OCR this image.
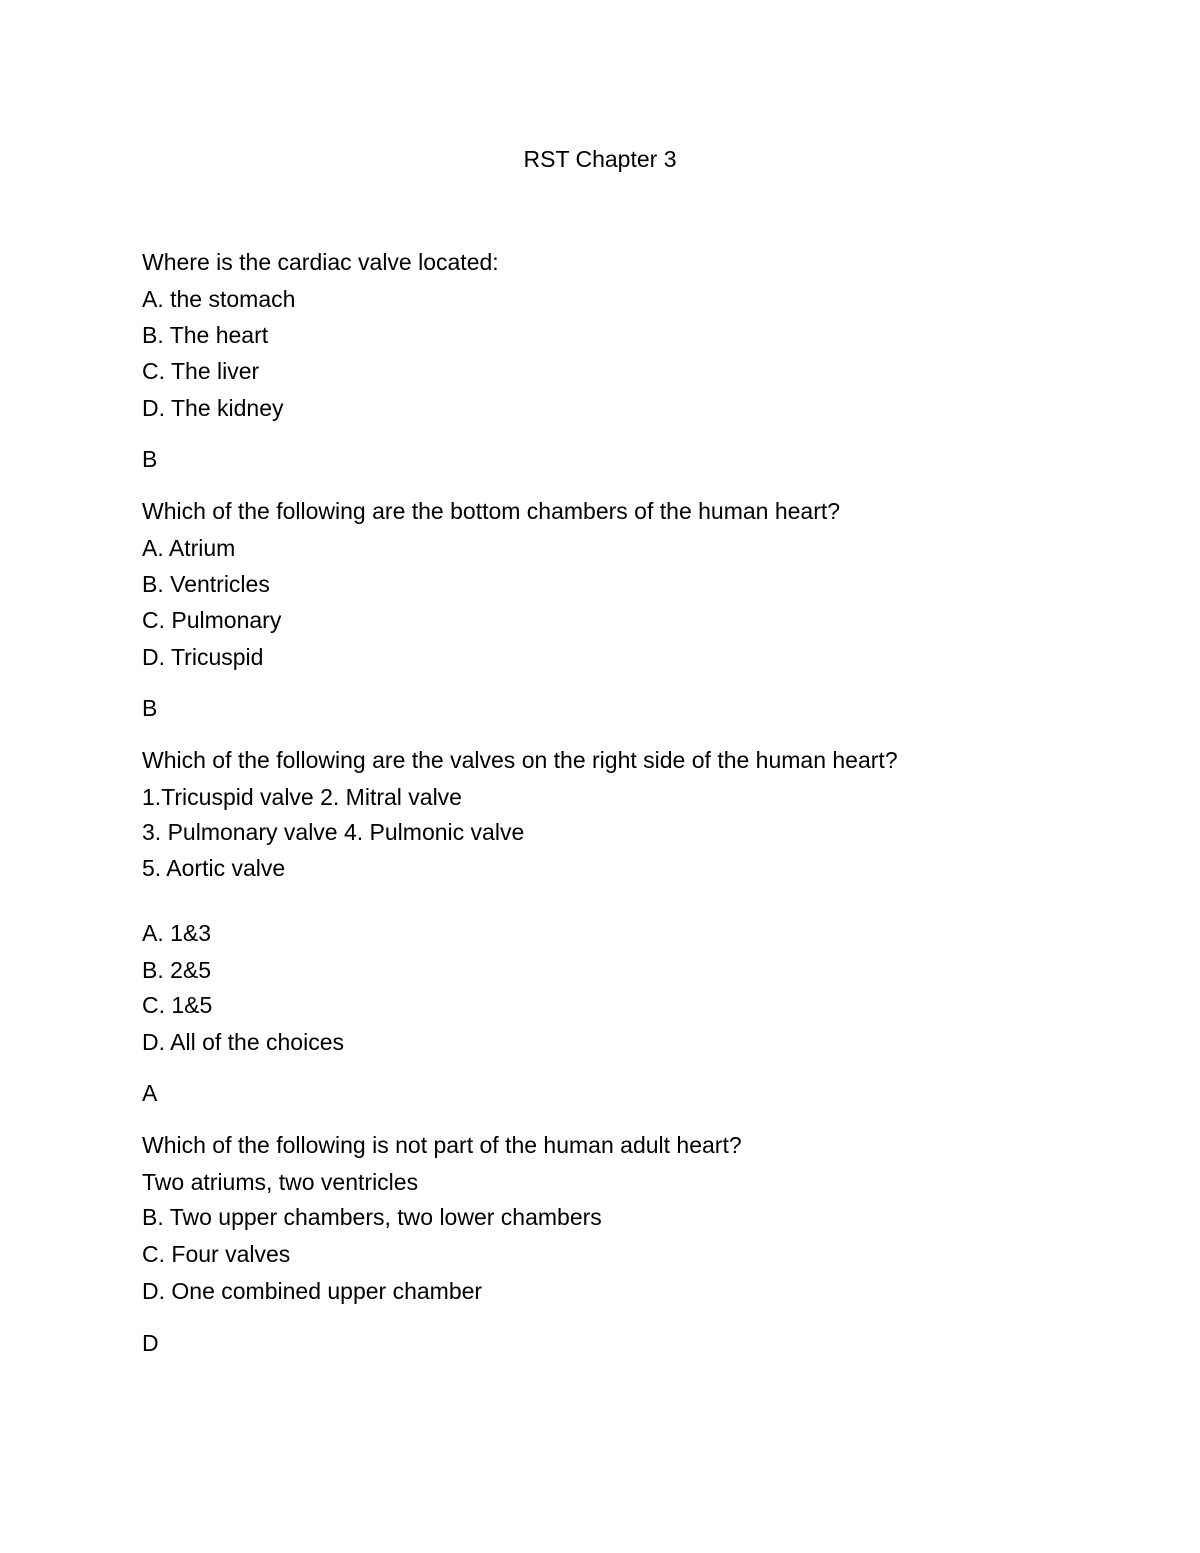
RST Chapter 3
Where is the cardiac valve located:
A. the stomach
B. The heart
C. The liver
D. The kidney
B
Which of the following are the bottom chambers of the human heart?
A. Atrium
B. Ventricles
C. Pulmonary
D. Tricuspid
B
Which of the following are the valves on the right side of the human heart?
1.Tricuspid valve 2. Mitral valve
3. Pulmonary valve 4. Pulmonic valve
5. Aortic valve
A. 1&3
B. 2&5
C. 1&5
D. All of the choices
A
Which of the following is not part of the human adult heart?
Two atriums, two ventricles
B. Two upper chambers, two lower chambers
C. Four valves
D. One combined upper chamber
D
